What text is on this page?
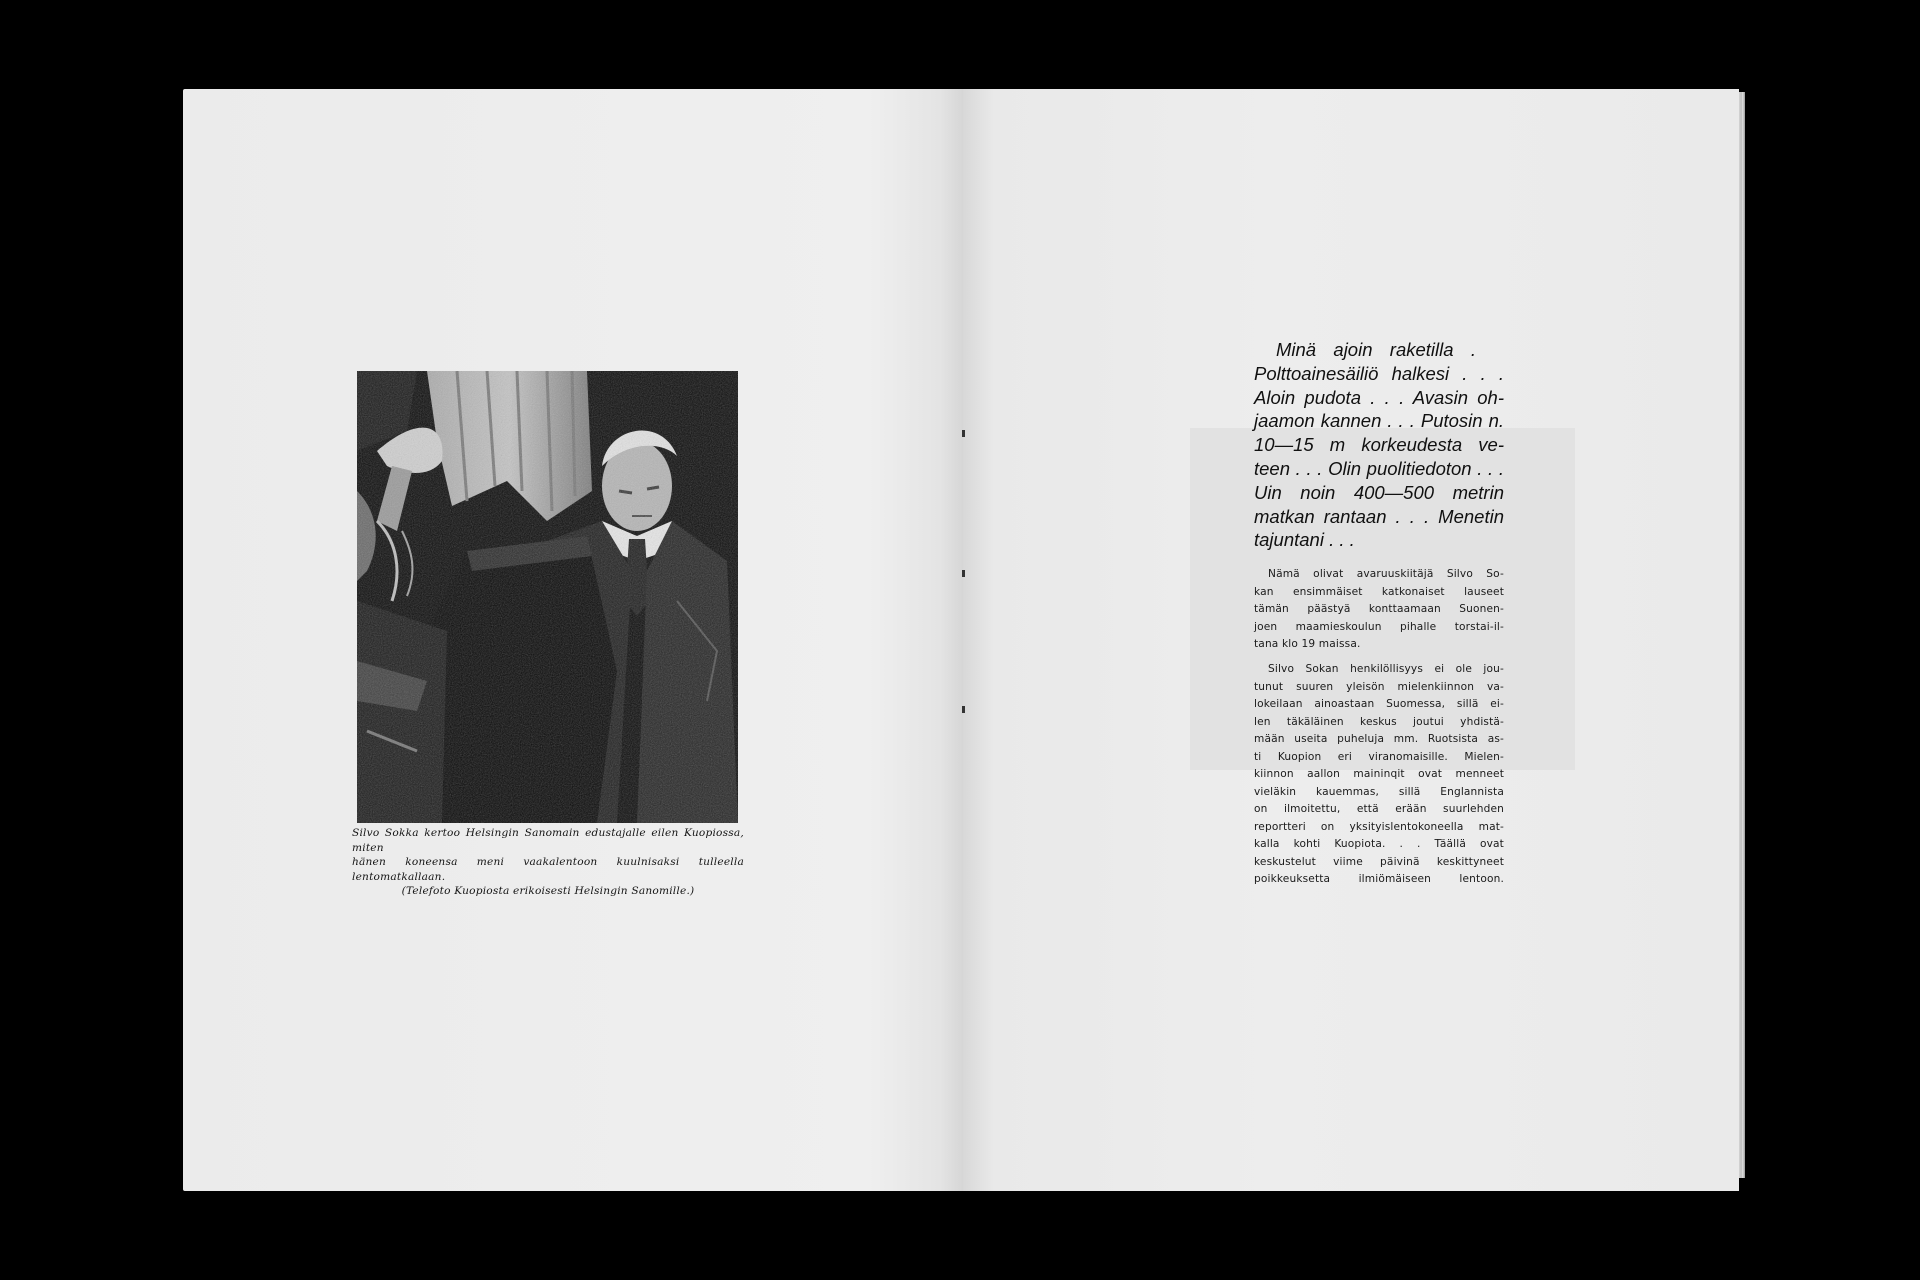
Silvo Sokka kertoo Helsingin Sanomain edustajalle eilen Kuopiossa, miten

hänen koneensa meni vaakalentoon kuulnisaksi tulleella lentomatkallaan.

(Telefoto Kuopiosta erikoisesti Helsingin Sanomille.)

Minä ajoin raketilla .
Polttoainesäiliö halkesi . . .
Aloin pudota . . . Avasin oh-
jaamon kannen . . . Putosin n.
10—15 m korkeudesta ve-
teen . . . Olin puolitiedoton . . .
Uin noin 400—500 metrin
matkan rantaan . . . Menetin
tajuntani . . .
Nämä olivat avaruuskiitäjä Silvo So-
kan ensimmäiset katkonaiset lauseet
tämän päästyä konttaamaan Suonen-
joen maamieskoulun pihalle torstai-il-
tana klo 19 maissa.
Silvo Sokan henkilöllisyys ei ole jou-
tunut suuren yleisön mielenkiinnon va-
lokeilaan ainoastaan Suomessa, sillä ei-
len täkäläinen keskus joutui yhdistä-
mään useita puheluja mm. Ruotsista as-
ti Kuopion eri viranomaisille. Mielen-
kiinnon aallon maininqit ovat menneet
vieläkin kauemmas, sillä Englannista
on ilmoitettu, että erään suurlehden
reportteri on yksityislentokoneella mat-
kalla kohti Kuopiota. . . Täällä ovat
keskustelut viime päivinä keskittyneet
poikkeuksetta ilmiömäiseen lentoon.
